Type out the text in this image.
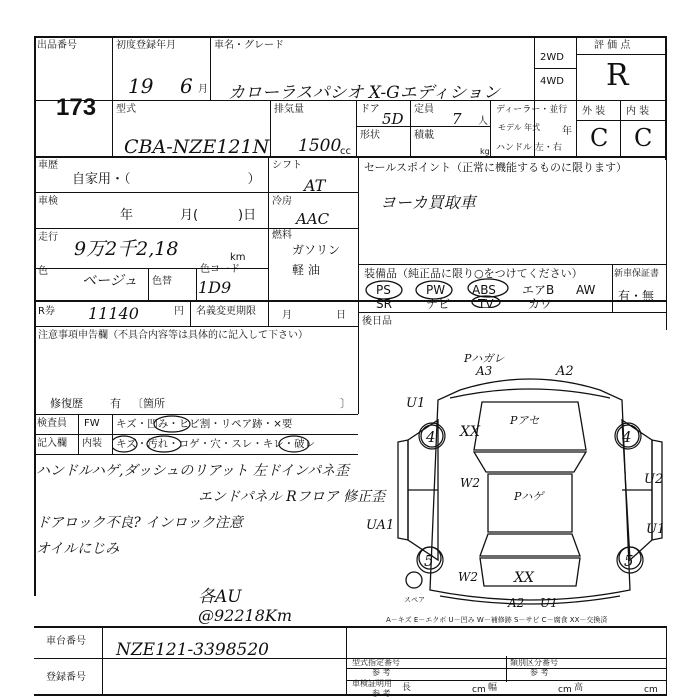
出品番号
173
初度登録年月
19 6 月
車名・グレード
カローラスパシオ X-Gエディション
2WD
4WD
評 価 点
R
型式
CBA-NZE121N
排気量
1500
cc
ドア
5D
定員
7 人
形状	積載
kg
ディーラー・並行
モデル 年式 年
ハンドル 左・右
外 装 内 装
C C
車歴
自家用・（　　　　　　　　　）
車検
年	月(	)日
走行
9万2千2,18	km
色
ベージュ 色替
色コード
1D9
シフト
AT
冷房
AAC
燃料
ガソリン
軽 油
R券 11140	円 名義変更期限	月	日
セールスポイント（正常に機能するものに限ります）
ヨーカ買取車
装備品（純正品に限り○をつけてください）
PS	PW ABS エアB AW
SR	ナビ TV	カワ
新車保証書
有・無
後日品
注意事項申告欄（不具合内容等は具体的に記入して下さい）
修復歴 有 〔箇所	〕
検査員
記入欄
FW キズ・凹み・ヒビ割・リペア跡・×要
内装 キズ・汚れ・コゲ・穴・スレ・キレ・破レ
ハンドルハゲ,ダッシュのリアット 左ドインパネ歪
エンドパネル Rフロア 修正歪
ドアロック不良? インロック注意
オイルにじみ
各AU
@92218Km
Pハガレ
A3	A2
U1
XX
Pアセ
4	4
W2
Pハゲ
U2
UA1	U1
5	5
W2	XX
スペア	A2 U1
A－キズ E－エクボ U－凹み W－補修跡 S－サビ C－腐食 XX－交換済
車台番号 NZE121-3398520
登録番号
型式指定番号
参 考
類別区分番号
参 考
車検証明用
参 考
長	cm 幅	cm 高	cm
